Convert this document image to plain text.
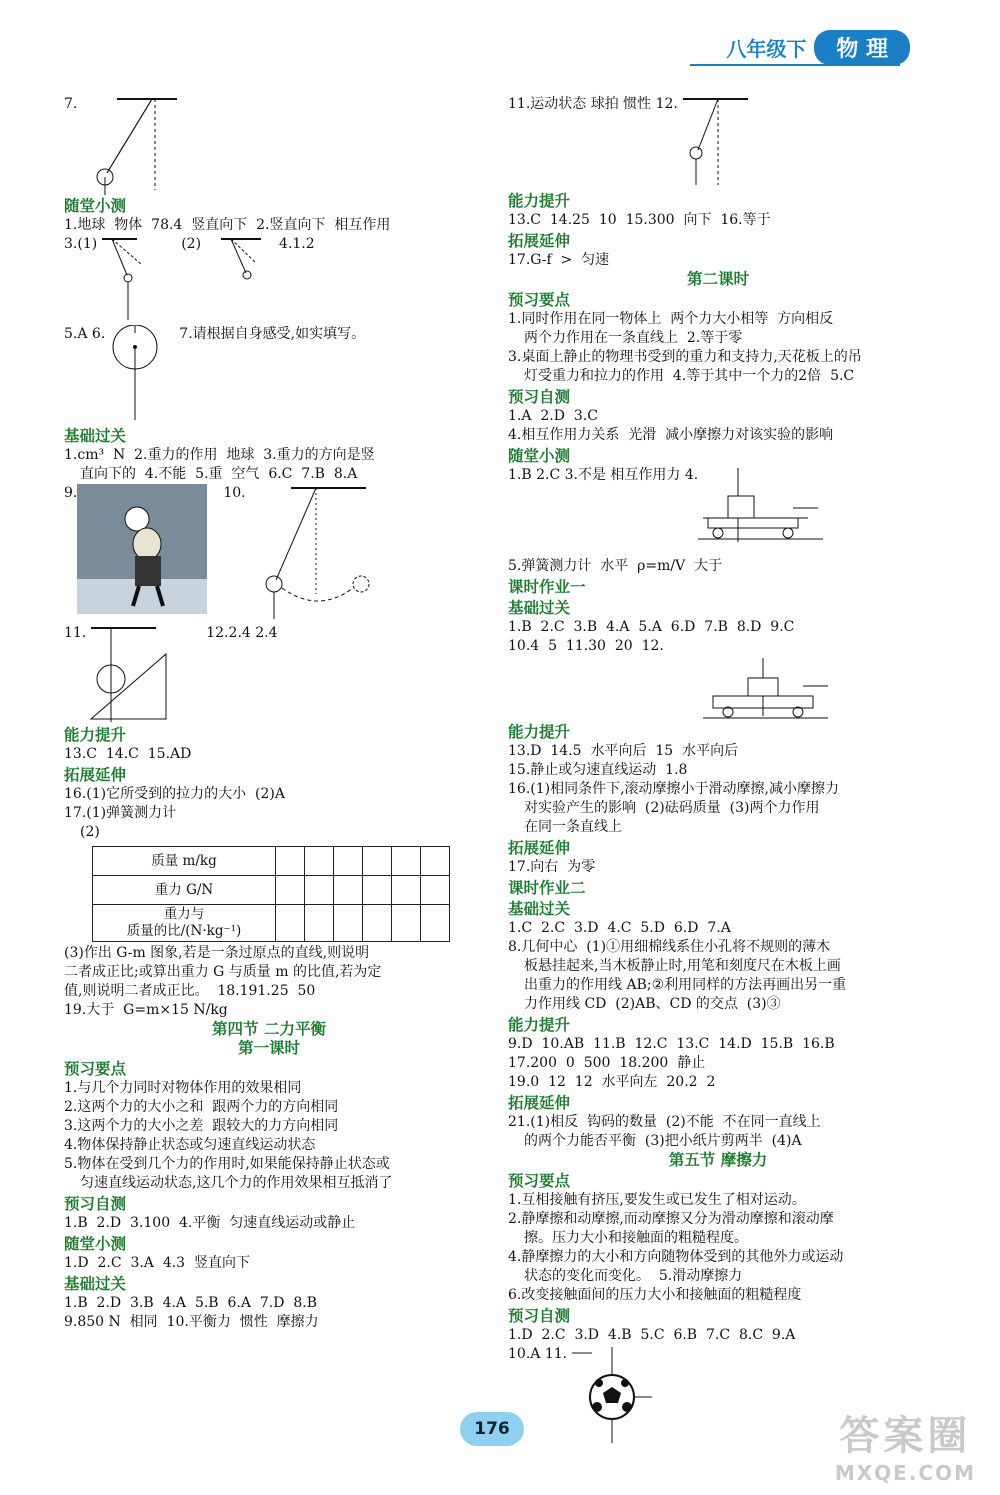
八年级下	物 理
7.
随堂小测
1.地球  物体  78.4  竖直向下  2.竖直向下  相互作用
3.(1)	(2)	4.1.2
5.A 6.	7.请根据自身感受,如实填写。
基础过关
1.cm³  N  2.重力的作用  地球  3.重力的方向是竖
直向下的  4.不能  5.重  空气  6.C  7.B  8.A
9.	10.
11.	12.2.4 2.4
能力提升
13.C  14.C  15.AD
拓展延伸
16.(1)它所受到的拉力的大小  (2)A
17.(1)弹簧测力计
(2)
质量 m/kg						
重力 G/N						

重力与
质量的比/(N·kg⁻¹)						

(3)作出 G-m 图象,若是一条过原点的直线,则说明
二者成正比;或算出重力 G 与质量 m 的比值,若为定
值,则说明二者成正比。  18.191.25  50
19.大于  G=m×15 N/kg
第四节 二力平衡
第一课时
预习要点
1.与几个力同时对物体作用的效果相同
2.这两个力的大小之和  跟两个力的方向相同
3.这两个力的大小之差  跟较大的力方向相同
4.物体保持静止状态或匀速直线运动状态
5.物体在受到几个力的作用时,如果能保持静止状态或
匀速直线运动状态,这几个力的作用效果相互抵消了
预习自测
1.B  2.D  3.100  4.平衡  匀速直线运动或静止
随堂小测
1.D  2.C  3.A  4.3  竖直向下
基础过关
1.B  2.D  3.B  4.A  5.B  6.A  7.D  8.B
9.850 N  相同  10.平衡力  惯性  摩擦力
11.运动状态 球拍 惯性 12.
能力提升
13.C  14.25  10  15.300  向下  16.等于
拓展延伸
17.G-f  >  匀速
第二课时
预习要点
1.同时作用在同一物体上  两个力大小相等  方向相反
两个力作用在一条直线上  2.等于零
3.桌面上静止的物理书受到的重力和支持力,天花板上的吊
灯受重力和拉力的作用  4.等于其中一个力的2倍  5.C
预习自测
1.A  2.D  3.C
4.相互作用力关系  光滑  减小摩擦力对该实验的影响
随堂小测
1.B 2.C 3.不是 相互作用力 4.
5.弹簧测力计  水平  ρ=m/V  大于
课时作业一
基础过关
1.B  2.C  3.B  4.A  5.A  6.D  7.B  8.D  9.C
10.4  5  11.30  20  12.
能力提升
13.D  14.5  水平向后  15  水平向后
15.静止或匀速直线运动  1.8
16.(1)相同条件下,滚动摩擦小于滑动摩擦,减小摩擦力
对实验产生的影响  (2)砝码质量  (3)两个力作用
在同一条直线上
拓展延伸
17.向右  为零
课时作业二
基础过关
1.C  2.C  3.D  4.C  5.D  6.D  7.A
8.几何中心  (1)①用细棉线系住小孔将不规则的薄木
板悬挂起来,当木板静止时,用笔和刻度尺在木板上画
出重力的作用线 AB;②利用同样的方法再画出另一重
力作用线 CD  (2)AB、CD 的交点  (3)③
能力提升
9.D  10.AB  11.B  12.C  13.C  14.D  15.B  16.B
17.200  0  500  18.200  静止
19.0  12  12  水平向左  20.2  2
拓展延伸
21.(1)相反  钩码的数量  (2)不能  不在同一直线上
的两个力能否平衡  (3)把小纸片剪两半  (4)A
第五节 摩擦力
预习要点
1.互相接触有挤压,要发生或已发生了相对运动。
2.静摩擦和动摩擦,而动摩擦又分为滑动摩擦和滚动摩
擦。压力大小和接触面的粗糙程度。
4.静摩擦力的大小和方向随物体受到的其他外力或运动
状态的变化而变化。  5.滑动摩擦力
6.改变接触面间的压力大小和接触面的粗糙程度
预习自测
1.D  2.C  3.D  4.B  5.C  6.B  7.C  8.C  9.A
10.A 11.
176	答案圈
MXQE.COM
